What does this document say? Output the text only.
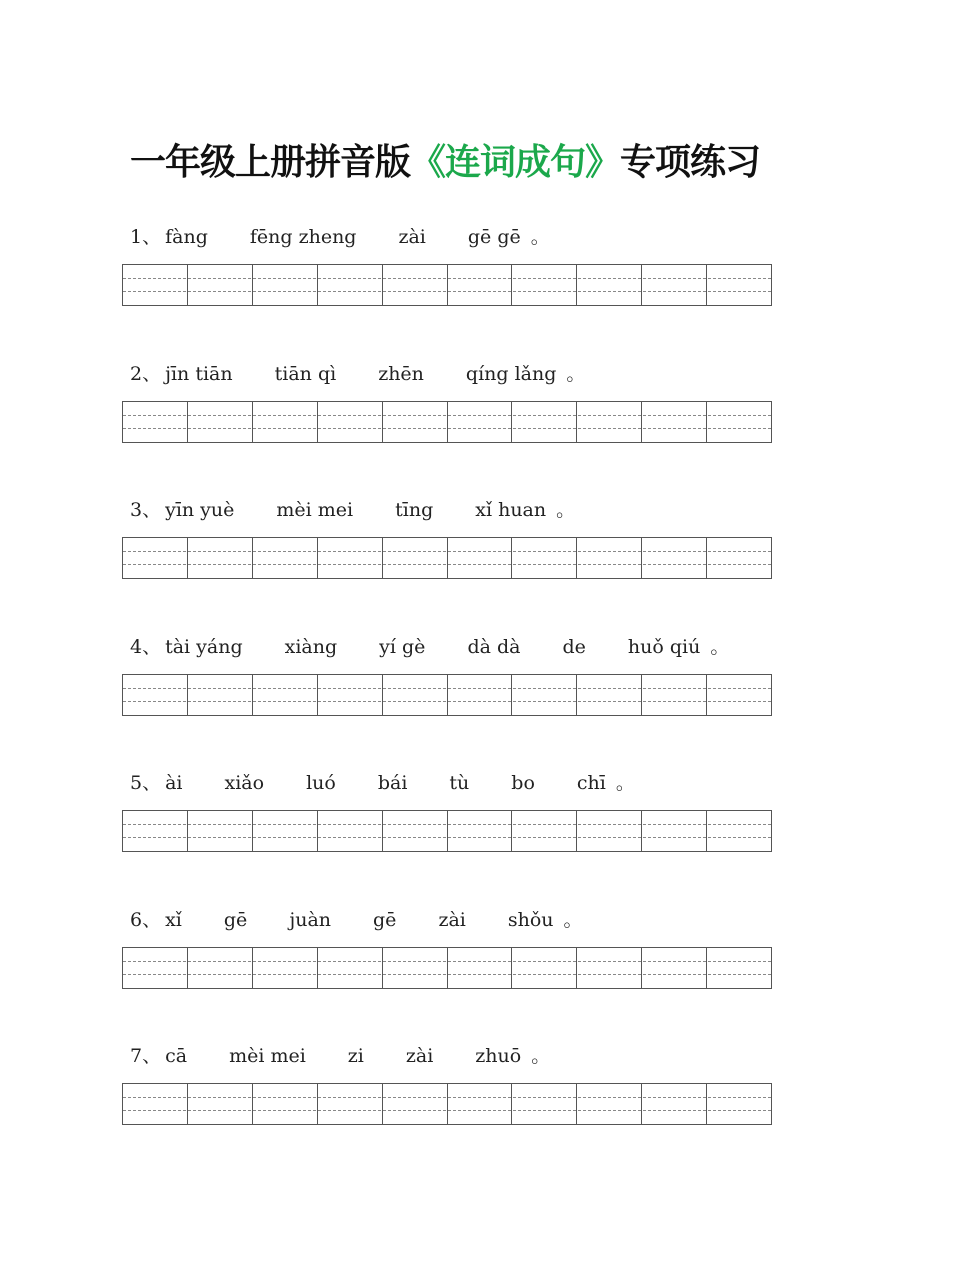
一年级上册拼音版《连词成句》专项练习
1、 fàng fēng zheng zài gē gē 。
2、 jīn tiān tiān qì zhēn qíng lǎng 。
3、 yīn yuè mèi mei tīng xǐ huan 。
4、 tài yáng xiàng yí gè dà dà de huǒ qiú 。
5、 ài xiǎo luó bái tù bo chī 。
6、 xǐ gē juàn gē zài shǒu 。
7、 cā mèi mei zi zài zhuō 。
